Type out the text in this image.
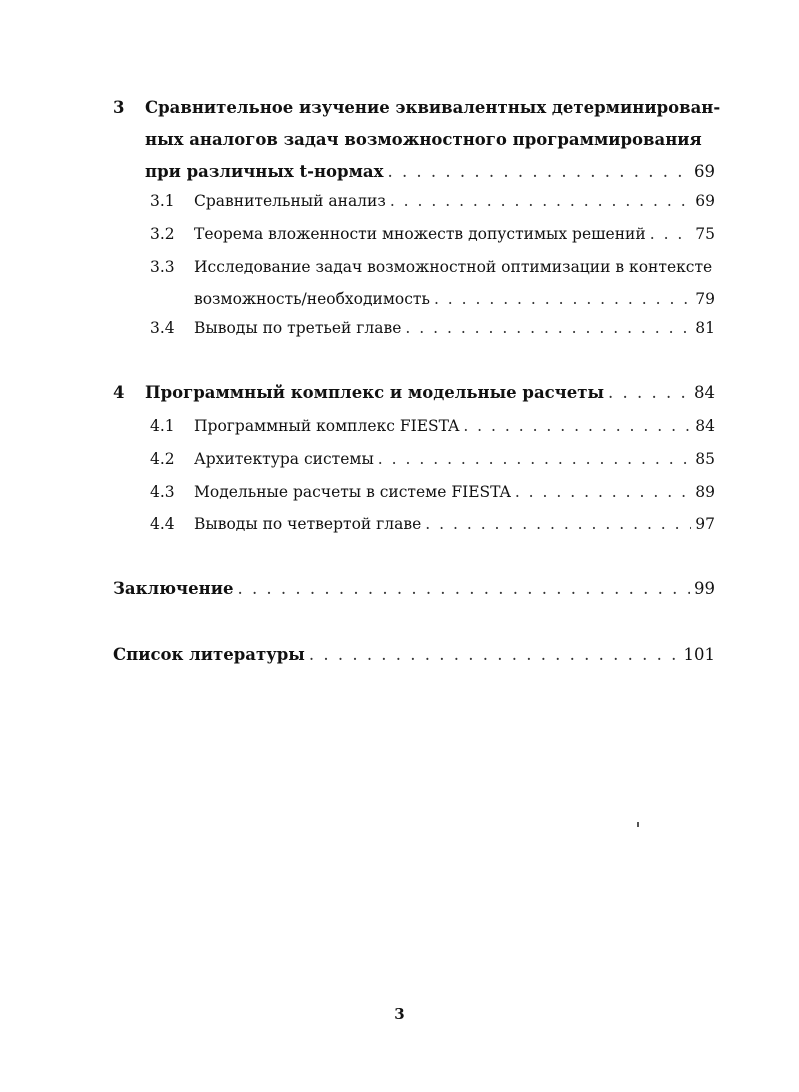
3 Сравнительное изучение эквивалентных детерминирован-
ных аналогов задач возможностного программирования
при различных t-нормах . . .	69
3.1 Сравнительный анализ . . .	69
3.2 Теорема вложенности множеств допустимых решений . . .	75
3.3 Исследование задач возможностной оптимизации в контексте
возможность/необходимость . . .	79
3.4 Выводы по третьей главе . . .	81
4 Программный комплекс и модельные расчеты . . .	84
4.1 Программный комплекс FIESTA . . .	84
4.2 Архитектура системы . . .	85
4.3 Модельные расчеты в системе FIESTA . . .	89
4.4 Выводы по четвертой главе . . .	97
Заключение . . .	99
Список литературы . . .	101
3
